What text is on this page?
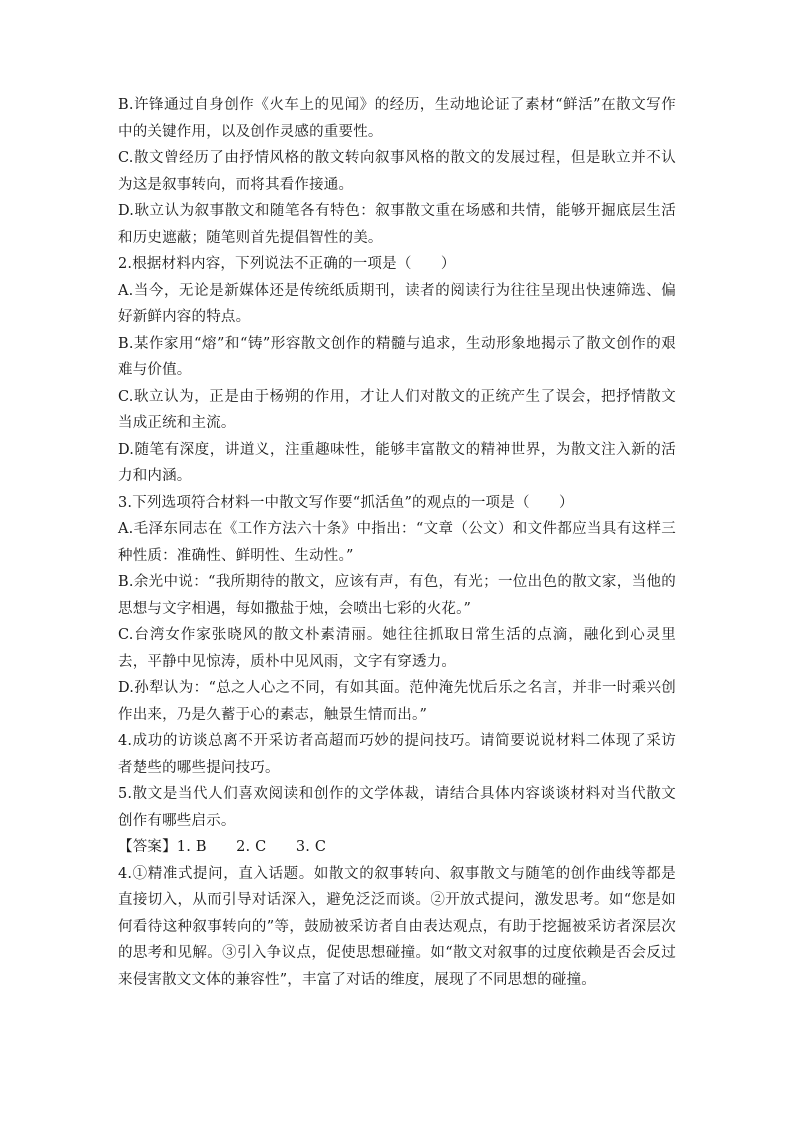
B.许锋通过自身创作《火车上的见闻》的经历，生动地论证了素材“鲜活”在散文写作中的关键作用，以及创作灵感的重要性。

C.散文曾经历了由抒情风格的散文转向叙事风格的散文的发展过程，但是耿立并不认为这是叙事转向，而将其看作接通。

D.耿立认为叙事散文和随笔各有特色：叙事散文重在场感和共情，能够开掘底层生活和历史遮蔽；随笔则首先提倡智性的美。

2.根据材料内容，下列说法不正确的一项是（　　）

A.当今，无论是新媒体还是传统纸质期刊，读者的阅读行为往往呈现出快速筛选、偏好新鲜内容的特点。

B.某作家用“熔”和“铸”形容散文创作的精髓与追求，生动形象地揭示了散文创作的艰难与价值。

C.耿立认为，正是由于杨朔的作用，才让人们对散文的正统产生了误会，把抒情散文当成正统和主流。

D.随笔有深度，讲道义，注重趣味性，能够丰富散文的精神世界，为散文注入新的活力和内涵。

3.下列选项符合材料一中散文写作要“抓活鱼”的观点的一项是（　　）

A.毛泽东同志在《工作方法六十条》中指出：“文章（公文）和文件都应当具有这样三种性质：准确性、鲜明性、生动性。”

B.余光中说：“我所期待的散文，应该有声，有色，有光；一位出色的散文家，当他的思想与文字相遇，每如撒盐于烛，会喷出七彩的火花。”

C.台湾女作家张晓风的散文朴素清丽。她往往抓取日常生活的点滴，融化到心灵里去，平静中见惊涛，质朴中见风雨，文字有穿透力。

D.孙犁认为：“总之人心之不同，有如其面。范仲淹先忧后乐之名言，并非一时乘兴创作出来，乃是久蓄于心的素志，触景生情而出。”

4.成功的访谈总离不开采访者高超而巧妙的提问技巧。请简要说说材料二体现了采访者楚些的哪些提问技巧。

5.散文是当代人们喜欢阅读和创作的文学体裁，请结合具体内容谈谈材料对当代散文创作有哪些启示。

【答案】1. B　　2. C　　3. C

4.①精准式提问，直入话题。如散文的叙事转向、叙事散文与随笔的创作曲线等都是直接切入，从而引导对话深入，避免泛泛而谈。②开放式提问，激发思考。如“您是如何看待这种叙事转向的”等，鼓励被采访者自由表达观点，有助于挖掘被采访者深层次的思考和见解。③引入争议点，促使思想碰撞。如“散文对叙事的过度依赖是否会反过来侵害散文文体的兼容性”，丰富了对话的维度，展现了不同思想的碰撞。
